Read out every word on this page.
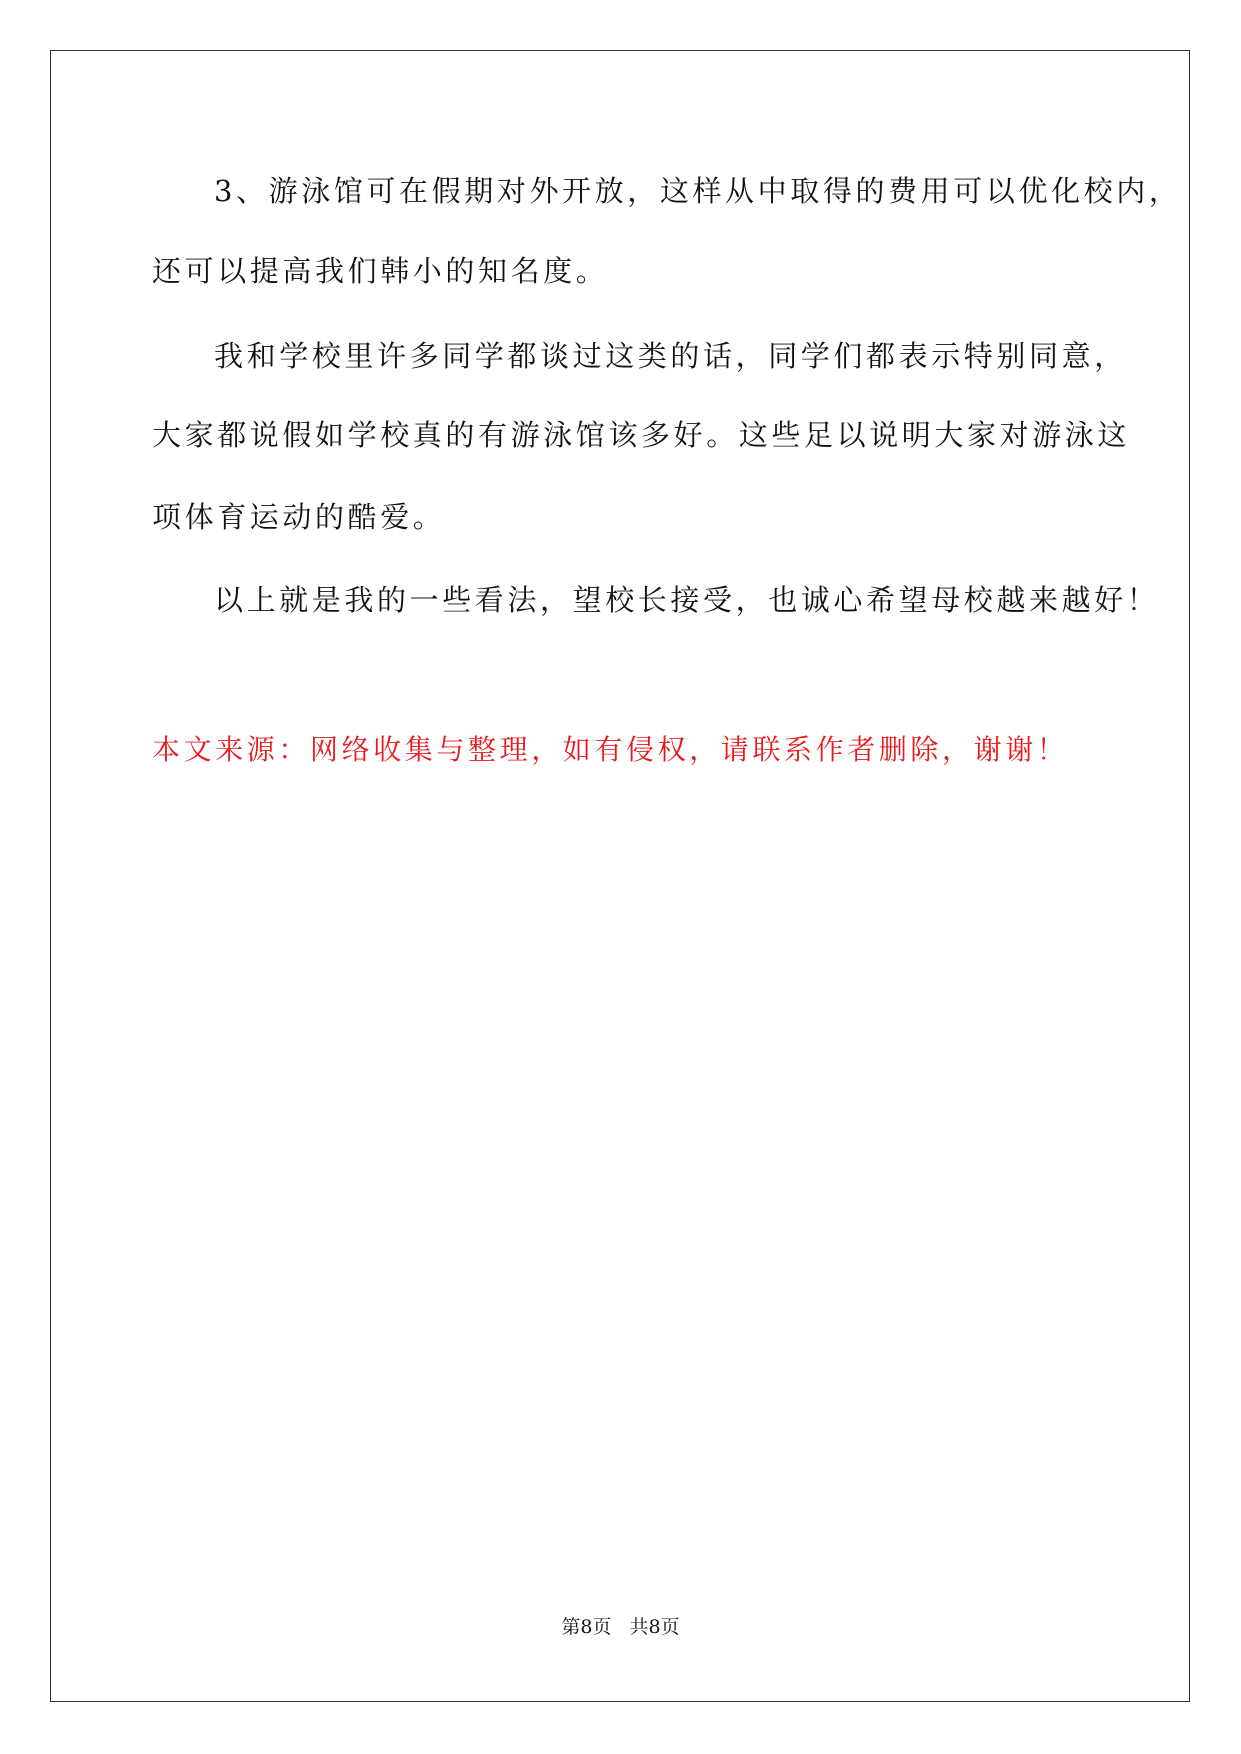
3、游泳馆可在假期对外开放，这样从中取得的费用可以优化校内，
还可以提高我们韩小的知名度。
我和学校里许多同学都谈过这类的话，同学们都表示特别同意，
大家都说假如学校真的有游泳馆该多好。这些足以说明大家对游泳这
项体育运动的酷爱。
以上就是我的一些看法，望校长接受，也诚心希望母校越来越好！
本文来源：网络收集与整理，如有侵权，请联系作者删除，谢谢！
第8页 共8页
